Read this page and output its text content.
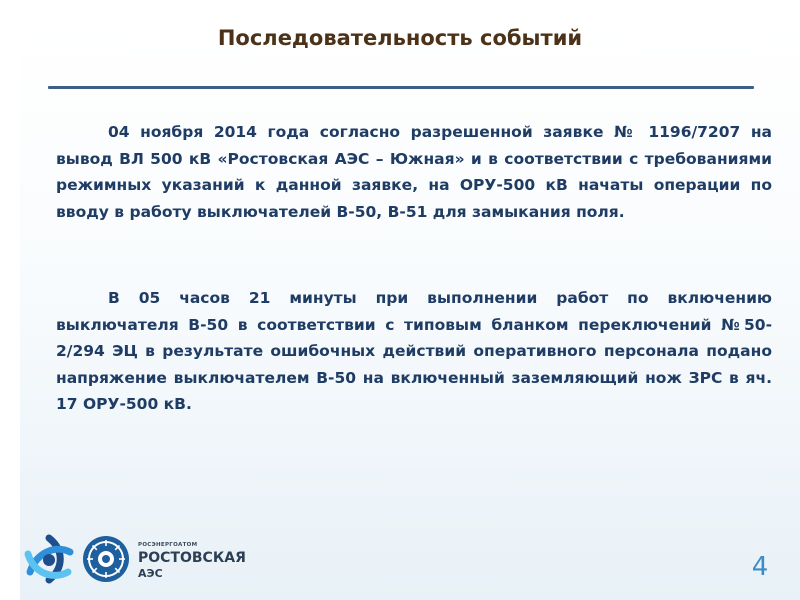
Последовательность событий

04 ноября 2014 года согласно разрешенной заявке № 1196/7207 на вывод ВЛ 500 кВ «Ростовская АЭС – Южная» и в соответствии с требованиями режимных указаний к данной заявке, на ОРУ-500 кВ начаты операции по вводу в работу выключателей В-50, В-51 для замыкания поля.

В 05 часов 21 минуты при выполнении работ по включению выключателя В-50 в соответствии с типовым бланком переключений №50-2/294 ЭЦ в результате ошибочных действий оперативного персонала подано напряжение выключателем В-50 на включенный заземляющий нож ЗРС в яч. 17 ОРУ-500 кВ.

РОСЭНЕРГОАТОМ
РОСТОВСКАЯ
АЭС	4
